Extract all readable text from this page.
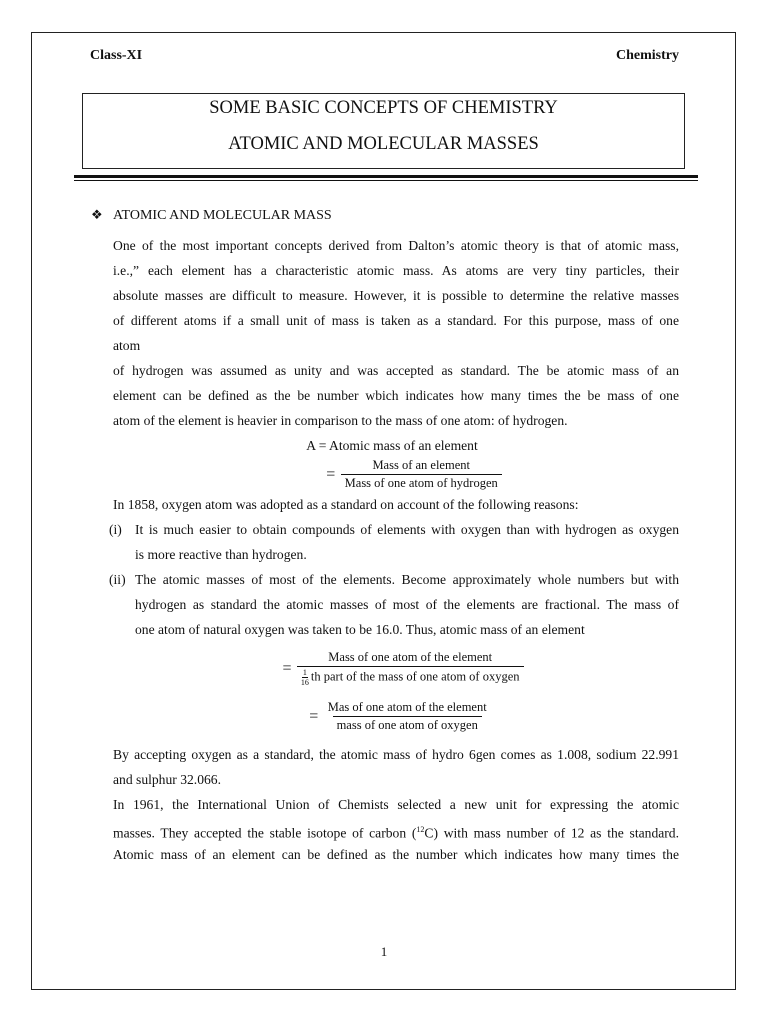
Class-XI	Chemistry
SOME BASIC CONCEPTS OF CHEMISTRY
ATOMIC AND MOLECULAR MASSES
❖ ATOMIC AND MOLECULAR MASS
One of the most important concepts derived from Dalton’s atomic theory is that of atomic mass,
i.e.,” each element has a characteristic atomic mass. As atoms are very tiny particles, their
absolute masses are difficult to measure. However, it is possible to determine the relative masses
of different atoms if a small unit of mass is taken as a standard. For this purpose, mass of one
atom
of hydrogen was assumed as unity and was accepted as standard. The be atomic mass of an
element can be defined as the be number wbich indicates how many times the be mass of one
atom of the element is heavier in comparison to the mass of one atom: of hydrogen.
A = Atomic mass of an element
= $\frac{\text{Mass of an element}}{\text{Mass of one atom of hydrogen}}$
In 1858, oxygen atom was adopted as a standard on account of the following reasons:
(i) It is much easier to obtain compounds of elements with oxygen than with hydrogen as oxygen
is more reactive than hydrogen.
(ii) The atomic masses of most of the elements. Become approximately whole numbers but with
hydrogen as standard the atomic masses of most of the elements are fractional. The mass of
one atom of natural oxygen was taken to be 16.0. Thus, atomic mass of an element
=
Mass of one atom of the element
$\frac{1}{16}$ th part of the mass of one atom of oxygen
= $\frac{\text{Mas of one atom of the element}}{\text{mass of one atom of oxygen}}$
By accepting oxygen as a standard, the atomic mass of hydro 6gen comes as 1.008, sodium 22.991
and sulphur 32.066.
In 1961, the International Union of Chemists selected a new unit for expressing the atomic
masses. They accepted the stable isotope of carbon ($^{12}$C) with mass number of 12 as the standard.
Atomic mass of an element can be defined as the number which indicates how many times the
1
